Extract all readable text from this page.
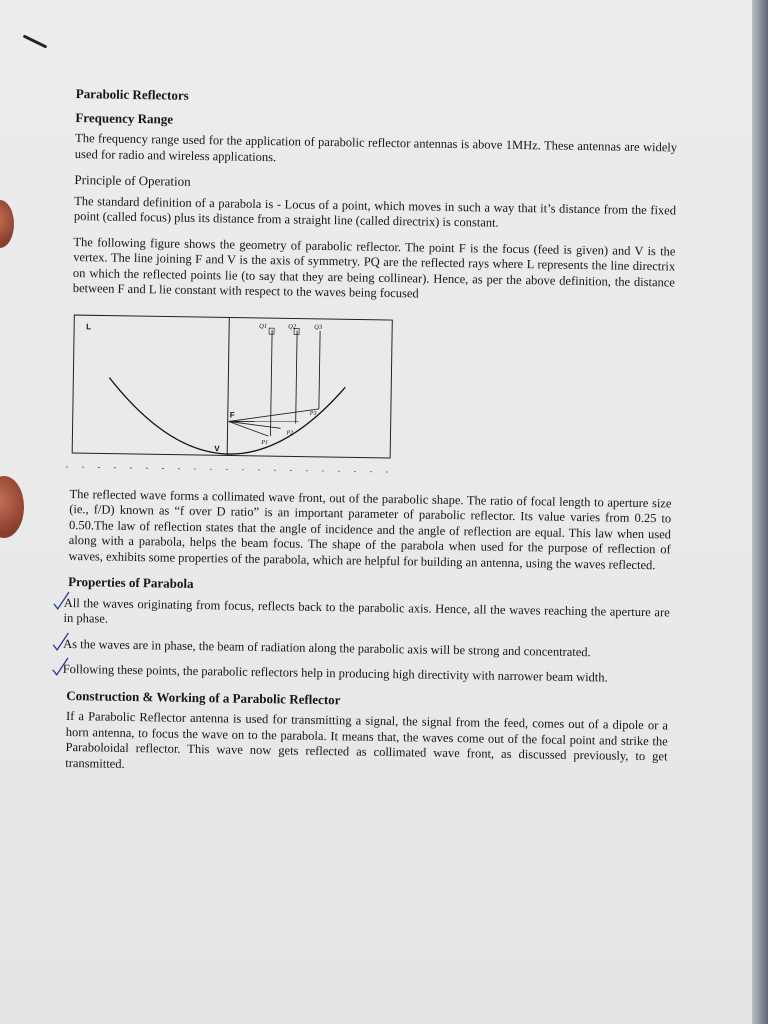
Parabolic Reflectors
Frequency Range
The frequency range used for the application of parabolic reflector antennas is above 1MHz. These antennas are widely used for radio and wireless applications.
Principle of Operation
The standard definition of a parabola is - Locus of a point, which moves in such a way that it’s distance from the fixed point (called focus) plus its distance from a straight line (called directrix) is constant.
The following figure shows the geometry of parabolic reflector. The point F is the focus (feed is given) and V is the vertex. The line joining F and V is the axis of symmetry. PQ are the reflected rays where L represents the line directrix on which the reflected points lie (to say that they are being collinear). Hence, as per the above definition, the distance between F and L lie constant with respect to the waves being focused
L
F
V
Q1	Q2	Q3
P1
P2
P3
The reflected wave forms a collimated wave front, out of the parabolic shape. The ratio of focal length to aperture size (ie., f/D) known as “f over D ratio” is an important parameter of parabolic reflector. Its value varies from 0.25 to 0.50.The law of reflection states that the angle of incidence and the angle of reflection are equal. This law when used along with a parabola, helps the beam focus. The shape of the parabola when used for the purpose of reflection of waves, exhibits some properties of the parabola, which are helpful for building an antenna, using the waves reflected.
Properties of Parabola
All the waves originating from focus, reflects back to the parabolic axis. Hence, all the waves reaching the aperture are in phase.
As the waves are in phase, the beam of radiation along the parabolic axis will be strong and concentrated.
Following these points, the parabolic reflectors help in producing high directivity with narrower beam width.
Construction & Working of a Parabolic Reflector
If a Parabolic Reflector antenna is used for transmitting a signal, the signal from the feed, comes out of a dipole or a horn antenna, to focus the wave on to the parabola. It means that, the waves come out of the focal point and strike the Paraboloidal reflector. This wave now gets reflected as collimated wave front, as discussed previously, to get transmitted.
